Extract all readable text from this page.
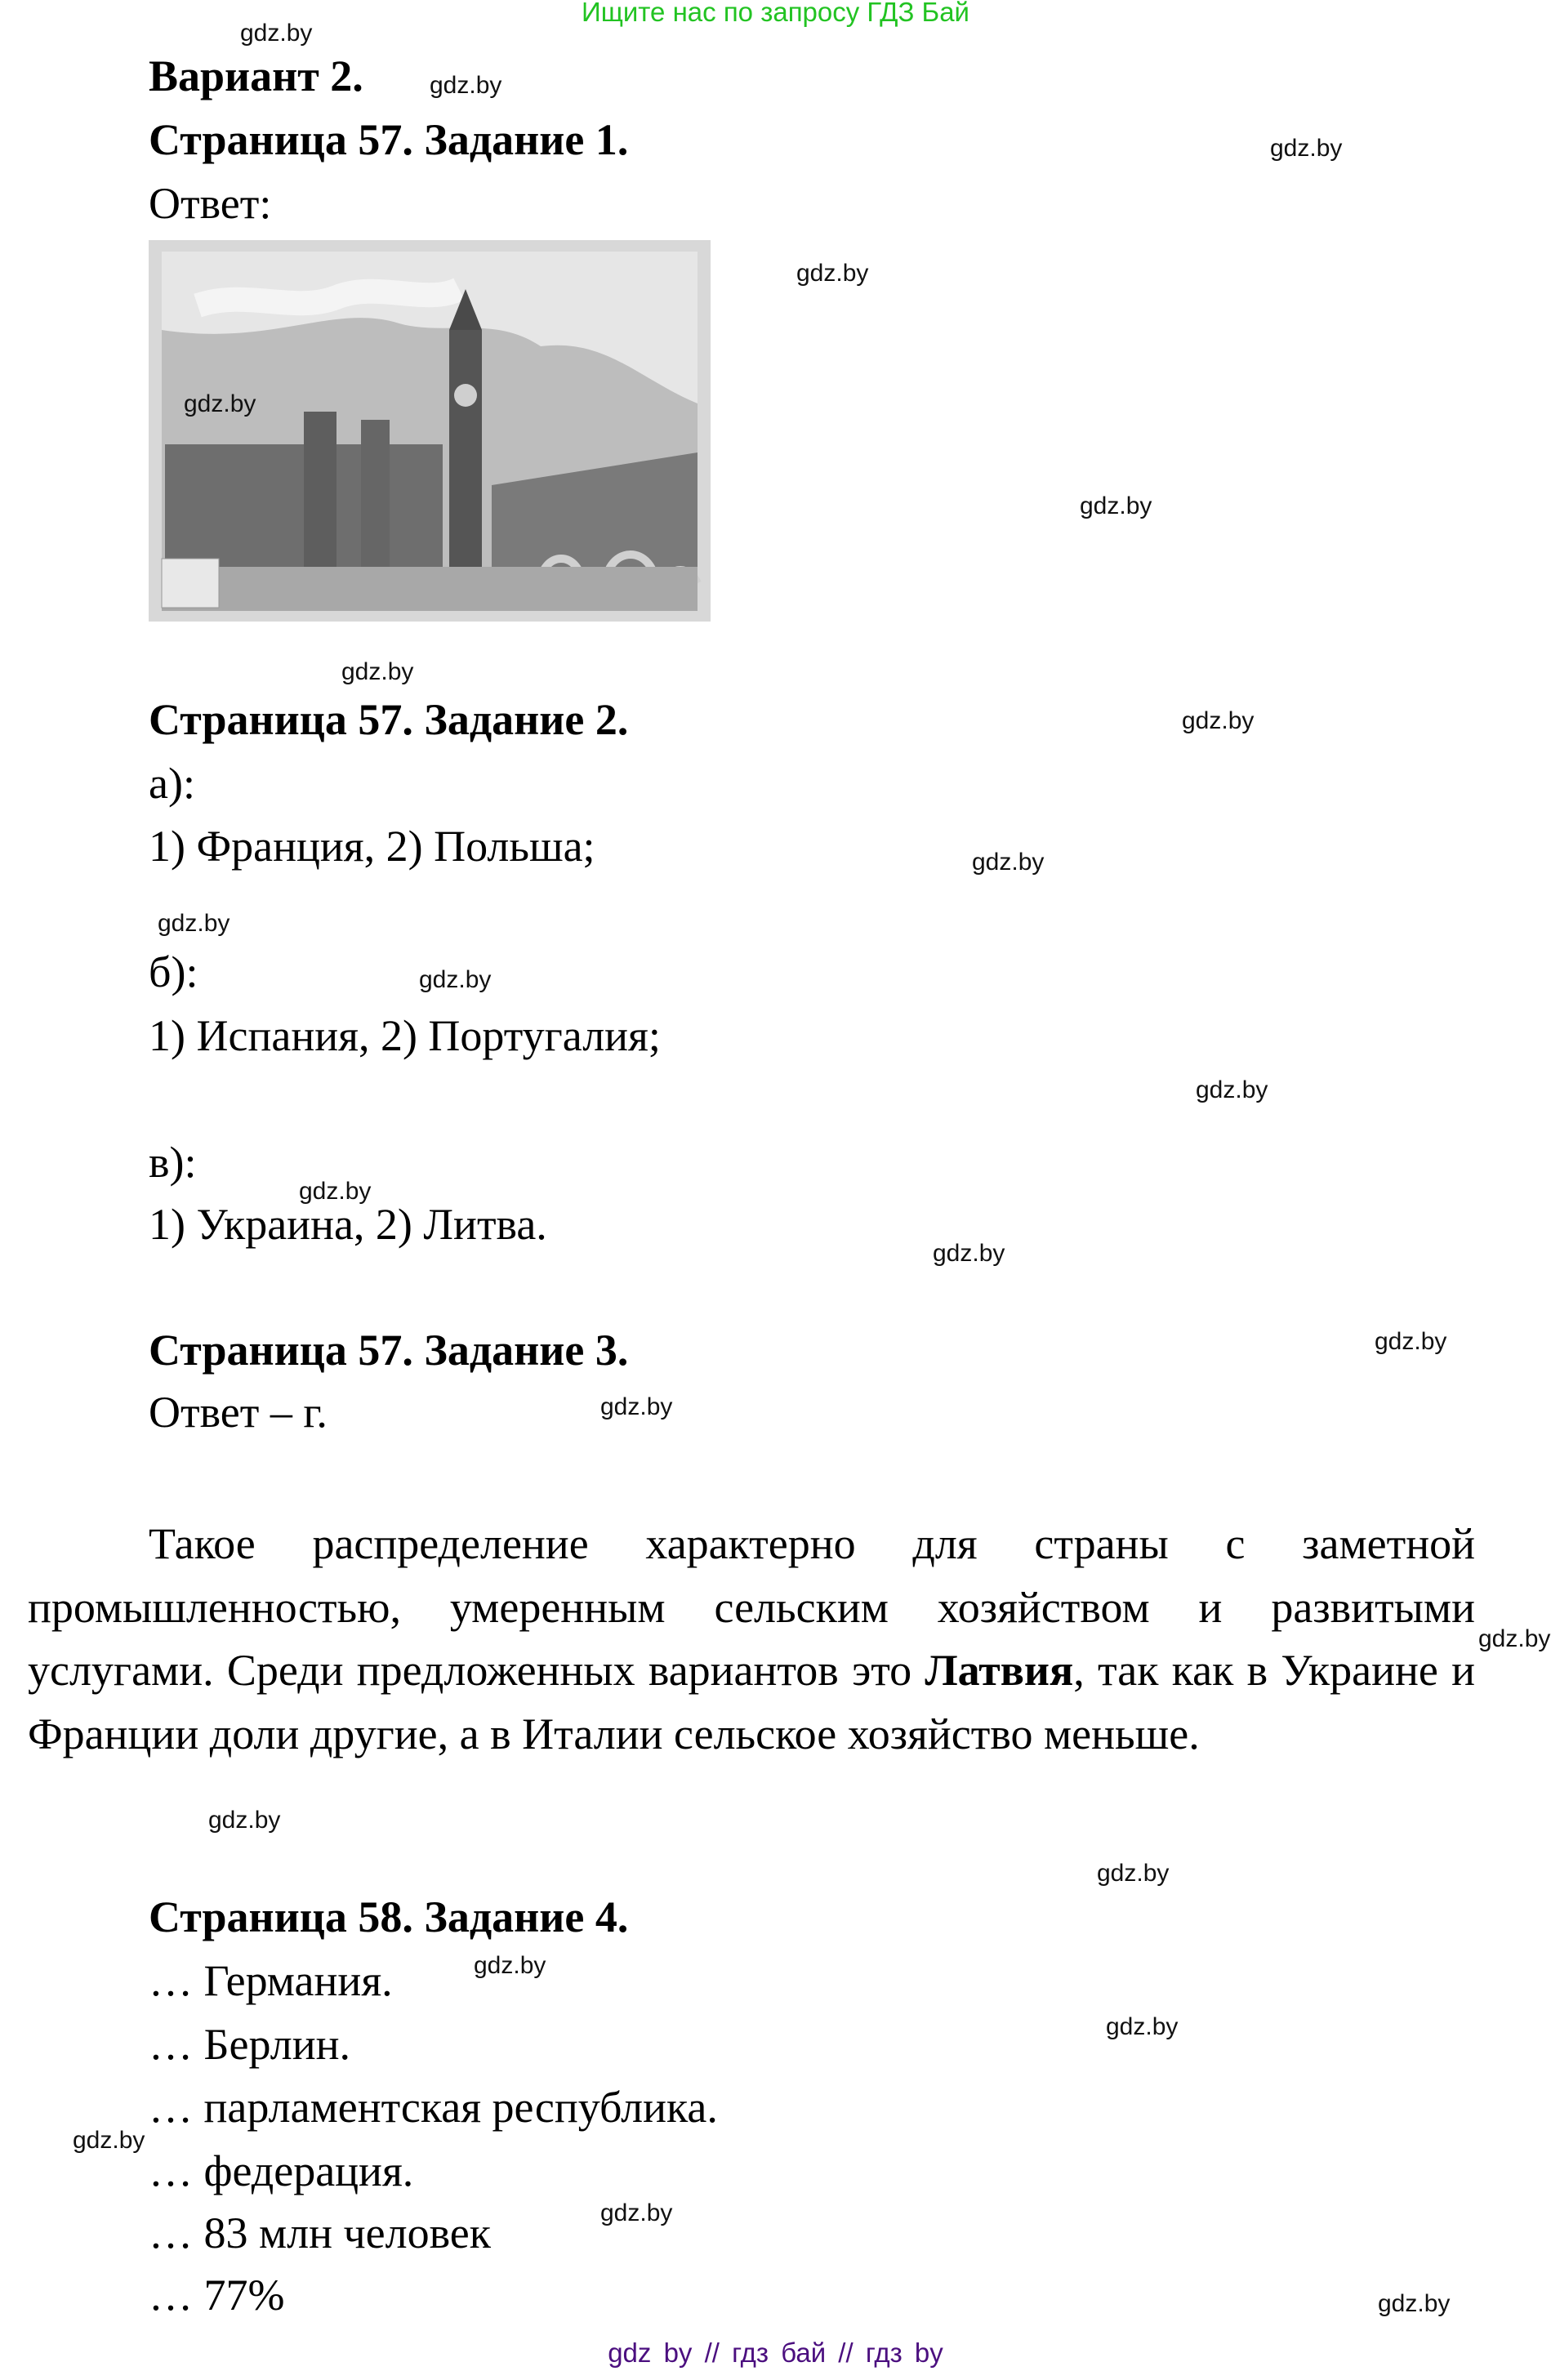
Ищите нас по запросу ГДЗ Бай
Вариант 2.
Страница 57. Задание 1.
Ответ:
Страница 57. Задание 2.
а):
1) Франция, 2) Польша;
б):
1) Испания, 2) Португалия;
в):
1) Украина, 2) Литва.
Страница 57. Задание 3.
Ответ – г.
Такое распределение характерно для страны с заметной промышленностью, умеренным сельским хозяйством и развитыми услугами. Среди предложенных вариантов это Латвия, так как в Украине и Франции доли другие, а в Италии сельское хозяйство меньше.
Страница 58. Задание 4.
… Германия.
… Берлин.
… парламентская республика.
… федерация.
… 83 млн человек
… 77%
gdz.by
gdz.by
gdz.by
gdz.by
gdz.by
gdz.by
gdz.by
gdz.by
gdz.by
gdz.by
gdz.by
gdz.by
gdz.by
gdz.by
gdz.by
gdz.by
gdz.by
gdz.by
gdz.by
gdz.by
gdz.by
gdz.by
gdz.by
gdz.by
gdz by // гдз бай // гдз by
